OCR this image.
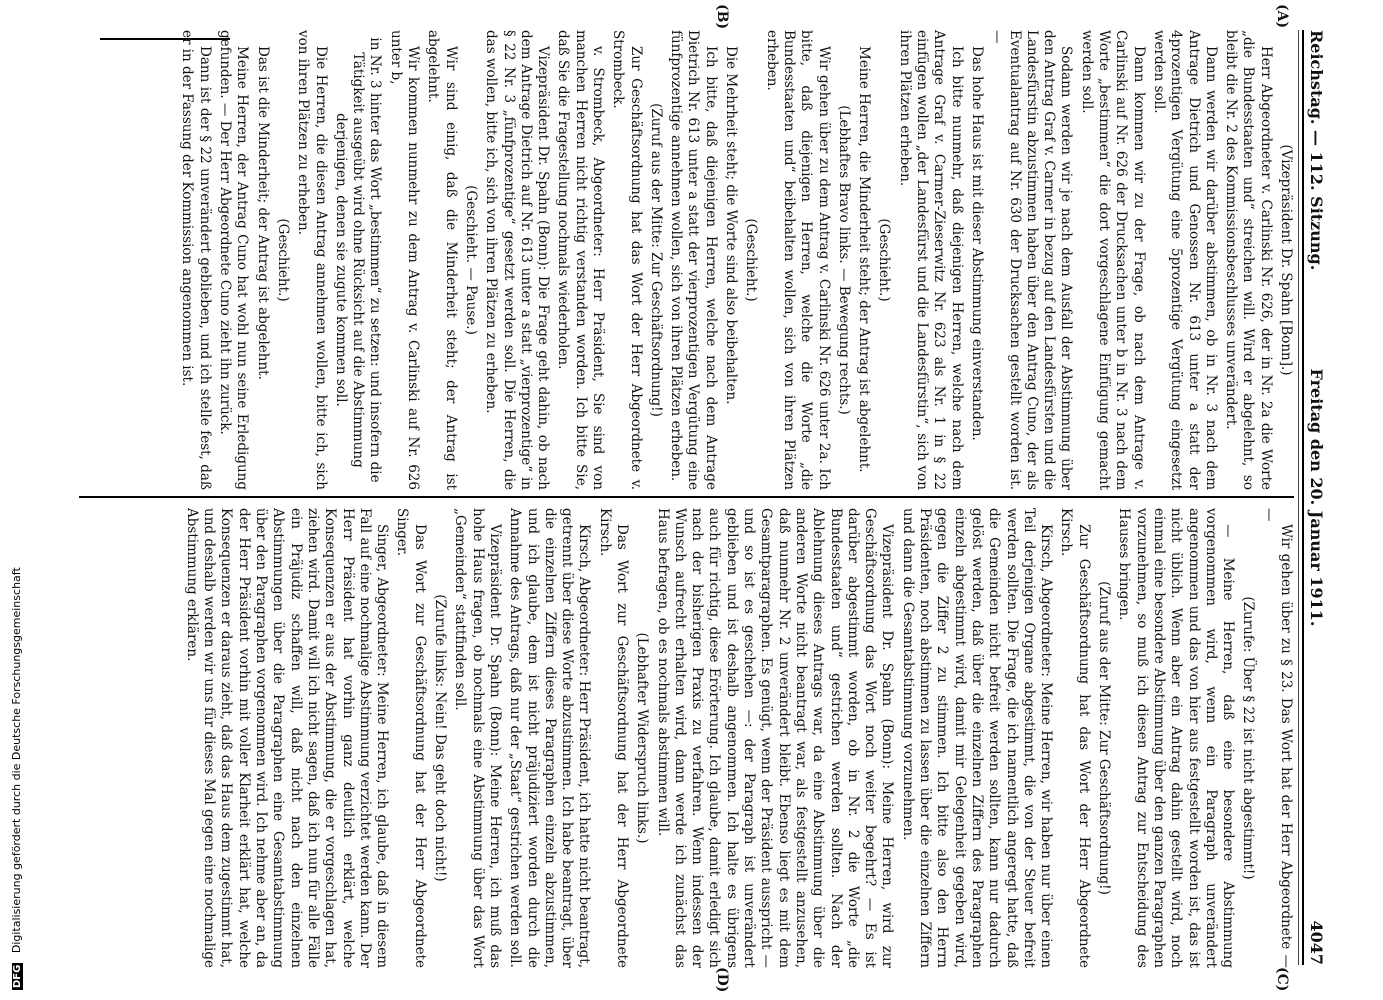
Reichstag. — 112. Sitzung.
Freitag den 20. Januar 1911.
4047

(Vizepräsident Dr. Spahn [Bonn].)

Herr Abgeordneter v. Carlinski Nr. 626, der in Nr. 2a die Worte „die Bundesstaaten und“ streichen will. Wird er abgelehnt, so bleibt die Nr. 2 des Kommissionsbeschlusses unverändert.

Dann werden wir darüber abstimmen, ob in Nr. 3 nach dem Antrage Dietrich und Genossen Nr. 613 unter a statt der 4prozentigen Vergütung eine 5prozentige Vergütung eingesetzt werden soll.

Dann kommen wir zu der Frage, ob nach dem Antrage v. Carlinski auf Nr. 626 der Drucksachen unter b in Nr. 3 nach dem Worte „bestimmen“ die dort vorgeschlagene Einfügung gemacht werden soll.

Sodann werden wir je nach dem Ausfall der Abstimmung über den Antrag Graf v. Carmer in bezug auf den Landesfürsten und die Landesfürstin abzustimmen haben über den Antrag Cuno, der als Eventualantrag auf Nr. 630 der Drucksachen gestellt worden ist. —

Das hohe Haus ist mit dieser Abstimmung einverstanden.

Ich bitte nunmehr, daß diejenigen Herren, welche nach dem Antrage Graf v. Carmer-Zieserwitz Nr. 623 als Nr. 1 in § 22 einfügen wollen „der Landesfürst und die Landesfürstin“, sich von ihren Plätzen erheben.

(Geschieht.)

Meine Herren, die Minderheit steht; der Antrag ist abgelehnt.

(Lebhaftes Bravo links. — Bewegung rechts.)

Wir gehen über zu dem Antrag v. Carlinski Nr. 626 unter 2a. Ich bitte, daß diejenigen Herren, welche die Worte „die Bundesstaaten und“ beibehalten wollen, sich von ihren Plätzen erheben.

(Geschieht.)

Die Mehrheit steht; die Worte sind also beibehalten.

Ich bitte, daß diejenigen Herren, welche nach dem Antrage Dietrich Nr. 613 unter a statt der vierprozentigen Vergütung eine fünfprozentige annehmen wollen, sich von ihren Plätzen erheben.

(Zuruf aus der Mitte: Zur Geschäftsordnung!)

Zur Geschäftsordnung hat das Wort der Herr Abgeordnete v. Strombeck.

v. Strombeck, Abgeordneter: Herr Präsident, Sie sind von manchen Herren nicht richtig verstanden worden. Ich bitte Sie, daß Sie die Fragestellung nochmals wiederholen.

Vizepräsident Dr. Spahn (Bonn): Die Frage geht dahin, ob nach dem Antrage Dietrich auf Nr. 613 unter a statt „vierprozentige“ in § 22 Nr. 3 „fünfprozentige“ gesetzt werden soll. Die Herren, die das wollen, bitte ich, sich von ihren Plätzen zu erheben.

(Geschieht. — Pause.)

Wir sind einig, daß die Minderheit steht; der Antrag ist abgelehnt.

Wir kommen nunmehr zu dem Antrag v. Carlinski auf Nr. 626 unter b,

in Nr. 3 hinter das Wort „bestimmen“ zu setzen: und insofern die Tätigkeit ausgeübt wird ohne Rücksicht auf die Abstimmung derjenigen, denen sie zugute kommen soll.

Die Herren, die diesen Antrag annehmen wollen, bitte ich, sich von ihren Plätzen zu erheben.

(Geschieht.)

Das ist die Minderheit; der Antrag ist abgelehnt.

Meine Herren, der Antrag Cuno hat wohl nun seine Erledigung gefunden. — Der Herr Abgeordnete Cuno zieht ihn zurück.

Dann ist der § 22 unverändert geblieben, und ich stelle fest, daß er in der Fassung der Kommission angenommen ist.

Wir gehen über zu § 23. Das Wort hat der Herr Abgeordnete — —

(Zurufe: Über § 22 ist nicht abgestimmt!)

— Meine Herren, daß eine besondere Abstimmung vorgenommen wird, wenn ein Paragraph unverändert angenommen und das von hier aus festgestellt worden ist, das ist nicht üblich. Wenn aber ein Antrag dahin gestellt wird, noch einmal eine besondere Abstimmung über den ganzen Paragraphen vorzunehmen, so muß ich diesen Antrag zur Entscheidung des Hauses bringen.

(Zuruf aus der Mitte: Zur Geschäftsordnung!)

Zur Geschäftsordnung hat das Wort der Herr Abgeordnete Kirsch.

Kirsch, Abgeordneter: Meine Herren, wir haben nur über einen Teil derjenigen Organe abgestimmt, die von der Steuer befreit werden sollten. Die Frage, die ich namentlich angeregt hatte, daß die Gemeinden nicht befreit werden sollten, kann nur dadurch gelöst werden, daß über die einzelnen Ziffern des Paragraphen einzeln abgestimmt wird, damit mir Gelegenheit gegeben wird, gegen die Ziffer 2 zu stimmen. Ich bitte also den Herrn Präsidenten, noch abstimmen zu lassen über die einzelnen Ziffern und dann die Gesamtabstimmung vorzunehmen.

Vizepräsident Dr. Spahn (Bonn): Meine Herren, wird zur Geschäftsordnung das Wort noch weiter begehrt? — Es ist darüber abgestimmt worden, ob in Nr. 2 die Worte „die Bundesstaaten und“ gestrichen werden sollten. Nach der Ablehnung dieses Antrags war, da eine Abstimmung über die anderen Worte nicht beantragt war, als festgestellt anzusehen, daß nunmehr Nr. 2 unverändert bleibt. Ebenso liegt es mit dem Gesamtparagraphen. Es genügt, wenn der Präsident ausspricht — und so ist es geschehen —: der Paragraph ist unverändert geblieben und ist deshalb angenommen. Ich halte es übrigens auch für richtig, diese Erörterung. Ich glaube, damit erledigt sich nach der bisherigen Praxis zu verfahren. Wenn indessen der Wunsch aufrecht erhalten wird, dann werde ich zunächst das Haus befragen, ob es nochmals abstimmen will.

(Lebhafter Widerspruch links.)

Das Wort zur Geschäftsordnung hat der Herr Abgeordnete Kirsch.

Kirsch, Abgeordneter: Herr Präsident, ich hatte nicht beantragt, getrennt über diese Worte abzustimmen. Ich habe beantragt, über die einzelnen Ziffern dieses Paragraphen einzeln abzustimmen, und ich glaube, dem ist nicht präjudiziert worden durch die Annahme des Antrags, daß nur der „Staat“ gestrichen werden soll.

Vizepräsident Dr. Spahn (Bonn): Meine Herren, ich muß das hohe Haus fragen, ob nochmals eine Abstimmung über das Wort „Gemeinden“ stattfinden soll.

(Zurufe links: Nein! Das geht doch nicht!)

Das Wort zur Geschäftsordnung hat der Herr Abgeordnete Singer.

Singer, Abgeordneter: Meine Herren, ich glaube, daß in diesem Fall auf eine nochmalige Abstimmung verzichtet werden kann. Der Herr Präsident hat vorhin ganz deutlich erklärt, welche Konsequenzen er aus der Abstimmung, die er vorgeschlagen hat, ziehen wird. Damit will ich nicht sagen, daß ich nun für alle Fälle ein Präjudiz schaffen will, daß nicht nach den einzelnen Abstimmungen über die Paragraphen eine Gesamtabstimmung über den Paragraphen vorgenommen wird. Ich nehme aber an, da der Herr Präsident vorhin mit voller Klarheit erklärt hat, welche Konsequenzen er daraus zieht, daß das Haus dem zugestimmt hat, und deshalb werden wir uns für dieses Mal gegen eine nochmalige Abstimmung erklären.

(A)
(B)
(C)
(D)
DFG Digitalisierung gefördert durch die Deutsche Forschungsgemeinschaft
